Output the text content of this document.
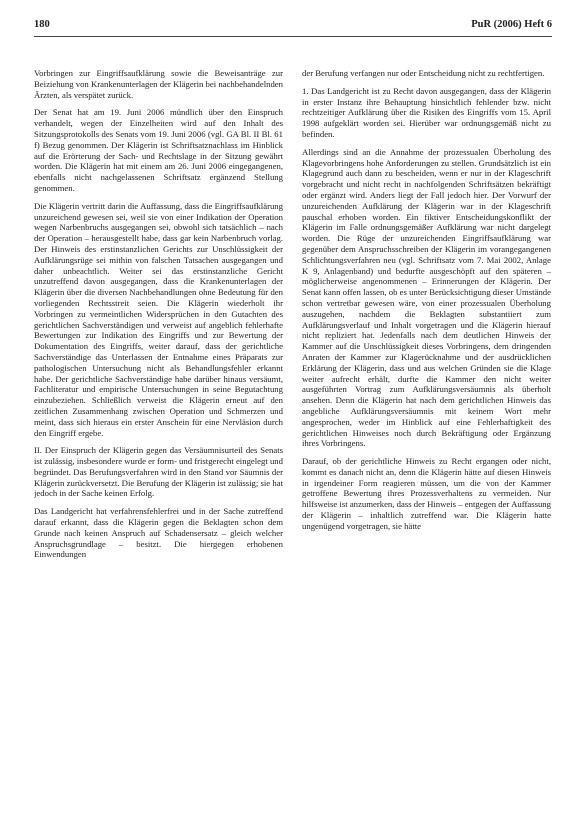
180	PuR (2006) Heft 6

Vorbringen zur Eingriffsaufklärung sowie die Beweisanträge zur Beiziehung von Krankenunterlagen der Klägerin bei nachbehandelnden Ärzten, als verspätet zurück.

Der Senat hat am 19. Juni 2006 mündlich über den Einspruch verhandelt, wegen der Einzelheiten wird auf den Inhalt des Sitzungsprotokolls des Senats vom 19. Juni 2006 (vgl. GA Bl. II Bl. 61 f) Bezug genommen. Der Klägerin ist Schriftsatznachlass im Hinblick auf die Erörterung der Sach- und Rechtslage in der Sitzung gewährt worden. Die Klägerin hat mit einem am 26. Juni 2006 eingegangenen, ebenfalls nicht nachgelassenen Schriftsatz ergänzend Stellung genommen.

Die Klägerin vertritt darin die Auffassung, dass die Eingriffsaufklärung unzureichend gewesen sei, weil sie von einer Indikation der Operation wegen Narbenbruchs ausgegangen sei, obwohl sich tatsächlich – nach der Operation – herausgestellt habe, dass gar kein Narbenbruch vorlag. Der Hinweis des erstinstanzlichen Gerichts zur Unschlüssigkeit der Aufklärungsrüge sei mithin von falschen Tatsachen ausgegangen und daher unbeachtlich. Weiter sei das erstinstanzliche Gericht unzutreffend davon ausgegangen, dass die Krankenunterlagen der Klägerin über die diversen Nachbehandlungen ohne Bedeutung für den vorliegenden Rechtsstreit seien. Die Klägerin wiederholt ihr Vorbringen zu vermeintlichen Widersprüchen in den Gutachten des gerichtlichen Sachverständigen und verweist auf angeblich fehlerhafte Bewertungen zur Indikation des Eingriffs und zur Bewertung der Dokumentation des Eingriffs, weiter darauf, dass der gerichtliche Sachverständige das Unterlassen der Entnahme eines Präparats zur pathologischen Untersuchung nicht als Behandlungsfehler erkannt habe. Der gerichtliche Sachverständige habe darüber hinaus versäumt, Fachliteratur und empirische Untersuchungen in seine Begutachtung einzubeziehen. Schließlich verweist die Klägerin erneut auf den zeitlichen Zusammenhang zwischen Operation und Schmerzen und meint, dass sich hieraus ein erster Anschein für eine Nervläsion durch den Eingriff ergebe.

II. Der Einspruch der Klägerin gegen das Versäumnisurteil des Senats ist zulässig, insbesondere wurde er form- und fristgerecht eingelegt und begründet. Das Berufungsverfahren wird in den Stand vor Säumnis der Klägerin zurückversetzt. Die Berufung der Klägerin ist zulässig; sie hat jedoch in der Sache keinen Erfolg.

Das Landgericht hat verfahrensfehlerfrei und in der Sache zutreffend darauf erkannt, dass die Klägerin gegen die Beklagten schon dem Grunde nach keinen Anspruch auf Schadensersatz – gleich welcher Anspruchsgrundlage – besitzt. Die hiergegen erhobenen Einwendungen

der Berufung verfangen nur oder Entscheidung nicht zu rechtfertigen.

1. Das Landgericht ist zu Recht davon ausgegangen, dass der Klägerin in erster Instanz ihre Behauptung hinsichtlich fehlender bzw. nicht rechtzeitiger Aufklärung über die Risiken des Eingriffs vom 15. April 1998 aufgeklärt worden sei. Hierüber war ordnungsgemäß nicht zu befinden.

Allerdings sind an die Annahme der prozessualen Überholung des Klagevorbringens hohe Anforderungen zu stellen. Grundsätzlich ist ein Klagegrund auch dann zu bescheiden, wenn er nur in der Klageschrift vorgebracht und nicht recht in nachfolgenden Schriftsätzen bekräftigt oder ergänzt wird. Anders liegt der Fall jedoch hier. Der Vorwurf der unzureichenden Aufklärung der Klägerin war in der Klageschrift pauschal erhoben worden. Ein fiktiver Entscheidungskonflikt der Klägerin im Falle ordnungsgemäßer Aufklärung war nicht dargelegt worden. Die Rüge der unzureichenden Eingriffsaufklärung war gegenüber dem Anspruchsschreiben der Klägerin im vorangegangenen Schlichtungsverfahren neu (vgl. Schriftsatz vom 7. Mai 2002, Anlage K 9, Anlagenband) und bedurfte ausgeschöpft auf den späteren – möglicherweise angenommenen – Erinnerungen der Klägerin. Der Senat kann offen lassen, ob es unter Berücksichtigung dieser Umstände schon vertretbar gewesen wäre, von einer prozessualen Überholung auszugehen, nachdem die Beklagten substantiiert zum Aufklärungsverlauf und Inhalt vorgetragen und die Klägerin hierauf nicht repliziert hat. Jedenfalls nach dem deutlichen Hinweis der Kammer auf die Unschlüssigkeit dieses Vorbringens, dem dringenden Anraten der Kammer zur Klagerücknahme und der ausdrücklichen Erklärung der Klägerin, dass und aus welchen Gründen sie die Klage weiter aufrecht erhält, durfte die Kammer den nicht weiter ausgeführten Vortrag zum Aufklärungsversäumnis als überholt ansehen. Denn die Klägerin hat nach dem gerichtlichen Hinweis das angebliche Aufklärungsversäumnis mit keinem Wort mehr angesprochen, weder im Hinblick auf eine Fehlerhaftigkeit des gerichtlichen Hinweises noch durch Bekräftigung oder Ergänzung ihres Vorbringens.

Darauf, ob der gerichtliche Hinweis zu Recht ergangen oder nicht, kommt es danach nicht an, denn die Klägerin hätte auf diesen Hinweis in irgendeiner Form reagieren müssen, um die von der Kammer getroffene Bewertung ihres Prozessverhaltens zu vermeiden. Nur hilfsweise ist anzumerken, dass der Hinweis – entgegen der Auffassung der Klägerin – inhaltlich zutreffend war. Die Klägerin hatte ungenügend vorgetragen, sie hätte
